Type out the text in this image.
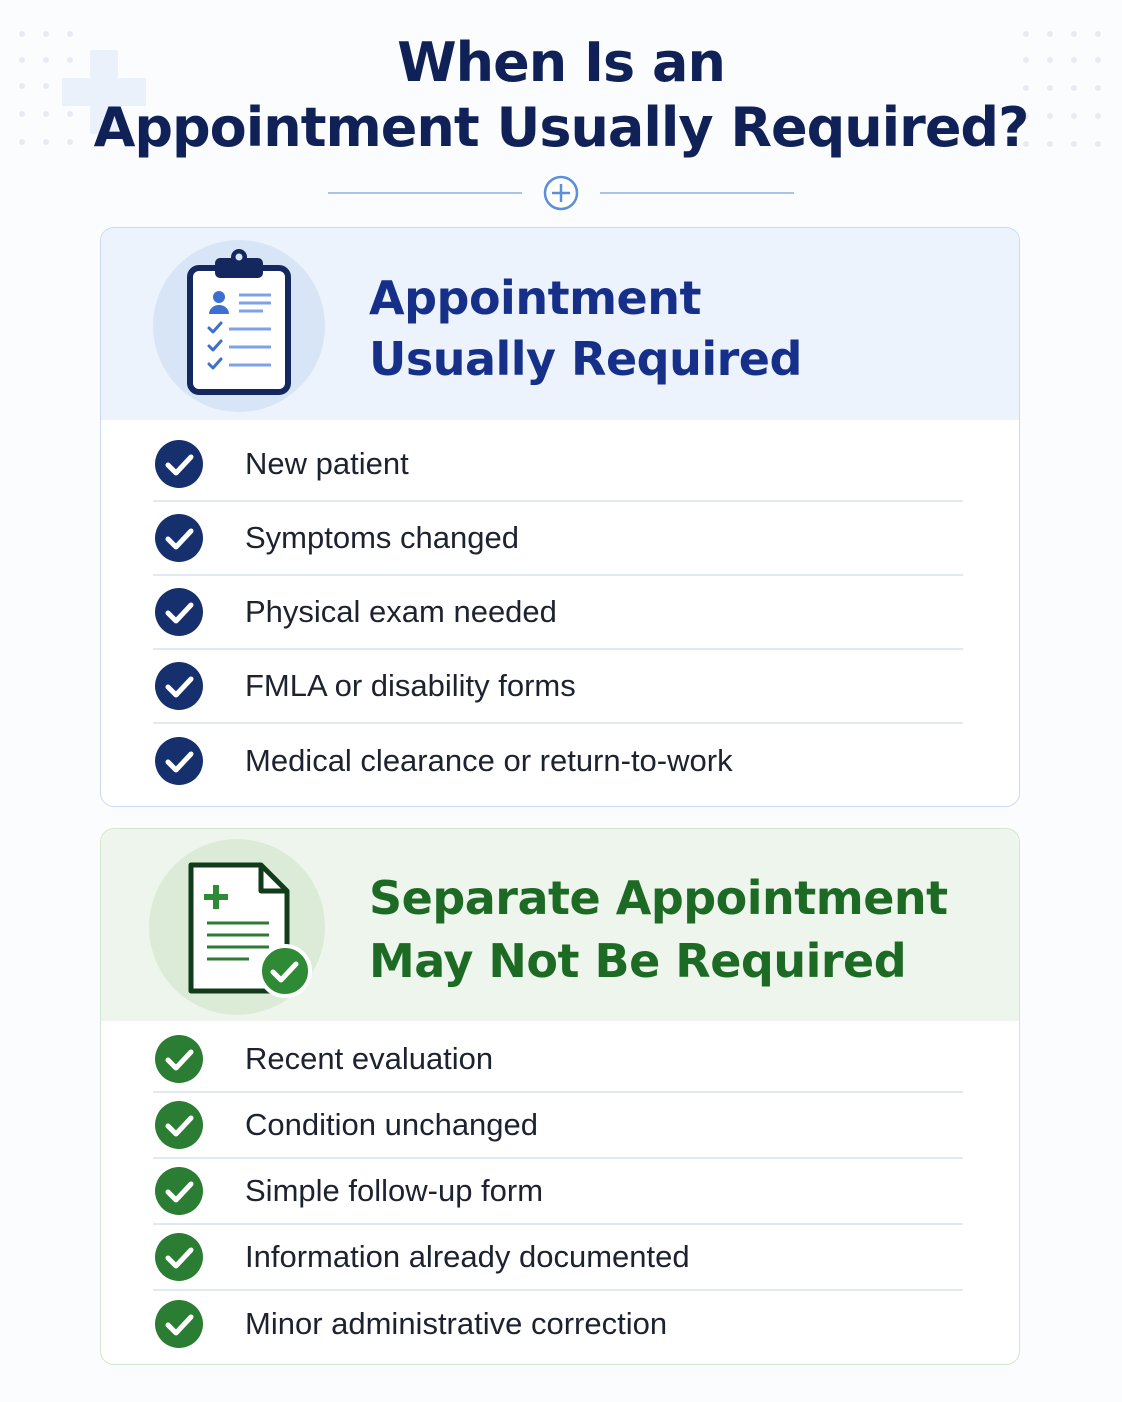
When Is an
Appointment Usually Required?
Appointment
Usually Required
New patient
Symptoms changed
Physical exam needed
FMLA or disability forms
Medical clearance or return-to-work
Separate Appointment
May Not Be Required
Recent evaluation
Condition unchanged
Simple follow-up form
Information already documented
Minor administrative correction
